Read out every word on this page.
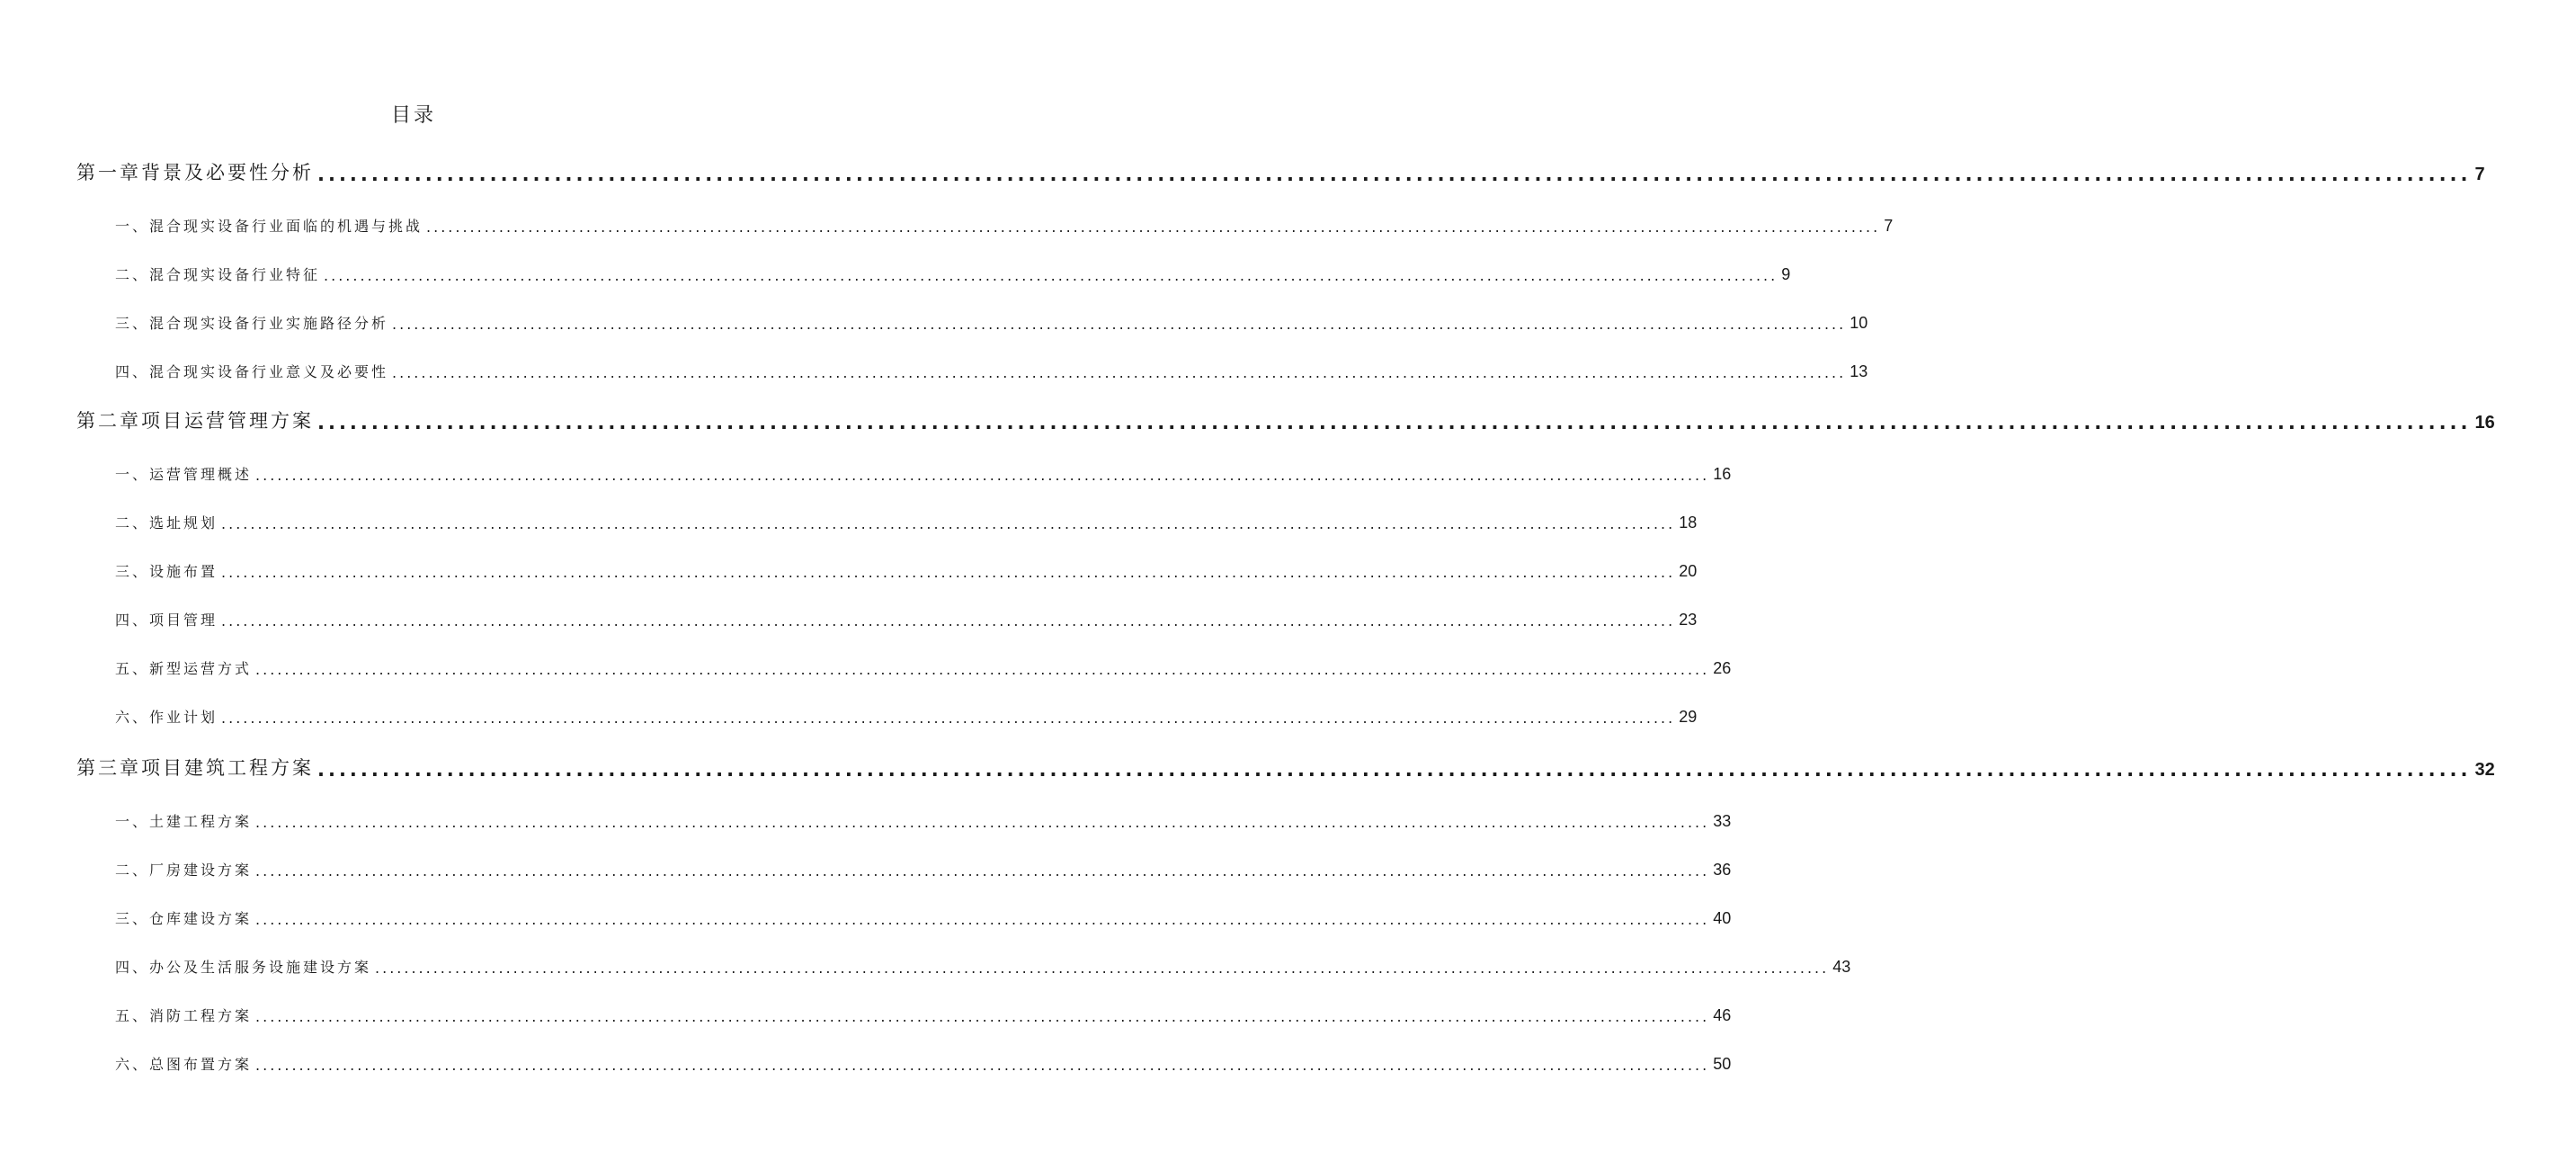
目录
第一章背景及必要性分析 ........................................................................................................................................................................................................ 7
一、混合现实设备行业面临的机遇与挑战 ........................................................................................................................................................................................................ 7
二、混合现实设备行业特征 ........................................................................................................................................................................................................ 9
三、混合现实设备行业实施路径分析 ........................................................................................................................................................................................................ 10
四、混合现实设备行业意义及必要性 ........................................................................................................................................................................................................ 13
第二章项目运营管理方案 ........................................................................................................................................................................................................ 16
一、运营管理概述 ........................................................................................................................................................................................................ 16
二、选址规划 ........................................................................................................................................................................................................ 18
三、设施布置 ........................................................................................................................................................................................................ 20
四、项目管理 ........................................................................................................................................................................................................ 23
五、新型运营方式 ........................................................................................................................................................................................................ 26
六、作业计划 ........................................................................................................................................................................................................ 29
第三章项目建筑工程方案 ........................................................................................................................................................................................................ 32
一、土建工程方案 ........................................................................................................................................................................................................ 33
二、厂房建设方案 ........................................................................................................................................................................................................ 36
三、仓库建设方案 ........................................................................................................................................................................................................ 40
四、办公及生活服务设施建设方案 ........................................................................................................................................................................................................ 43
五、消防工程方案 ........................................................................................................................................................................................................ 46
六、总图布置方案 ........................................................................................................................................................................................................ 50
